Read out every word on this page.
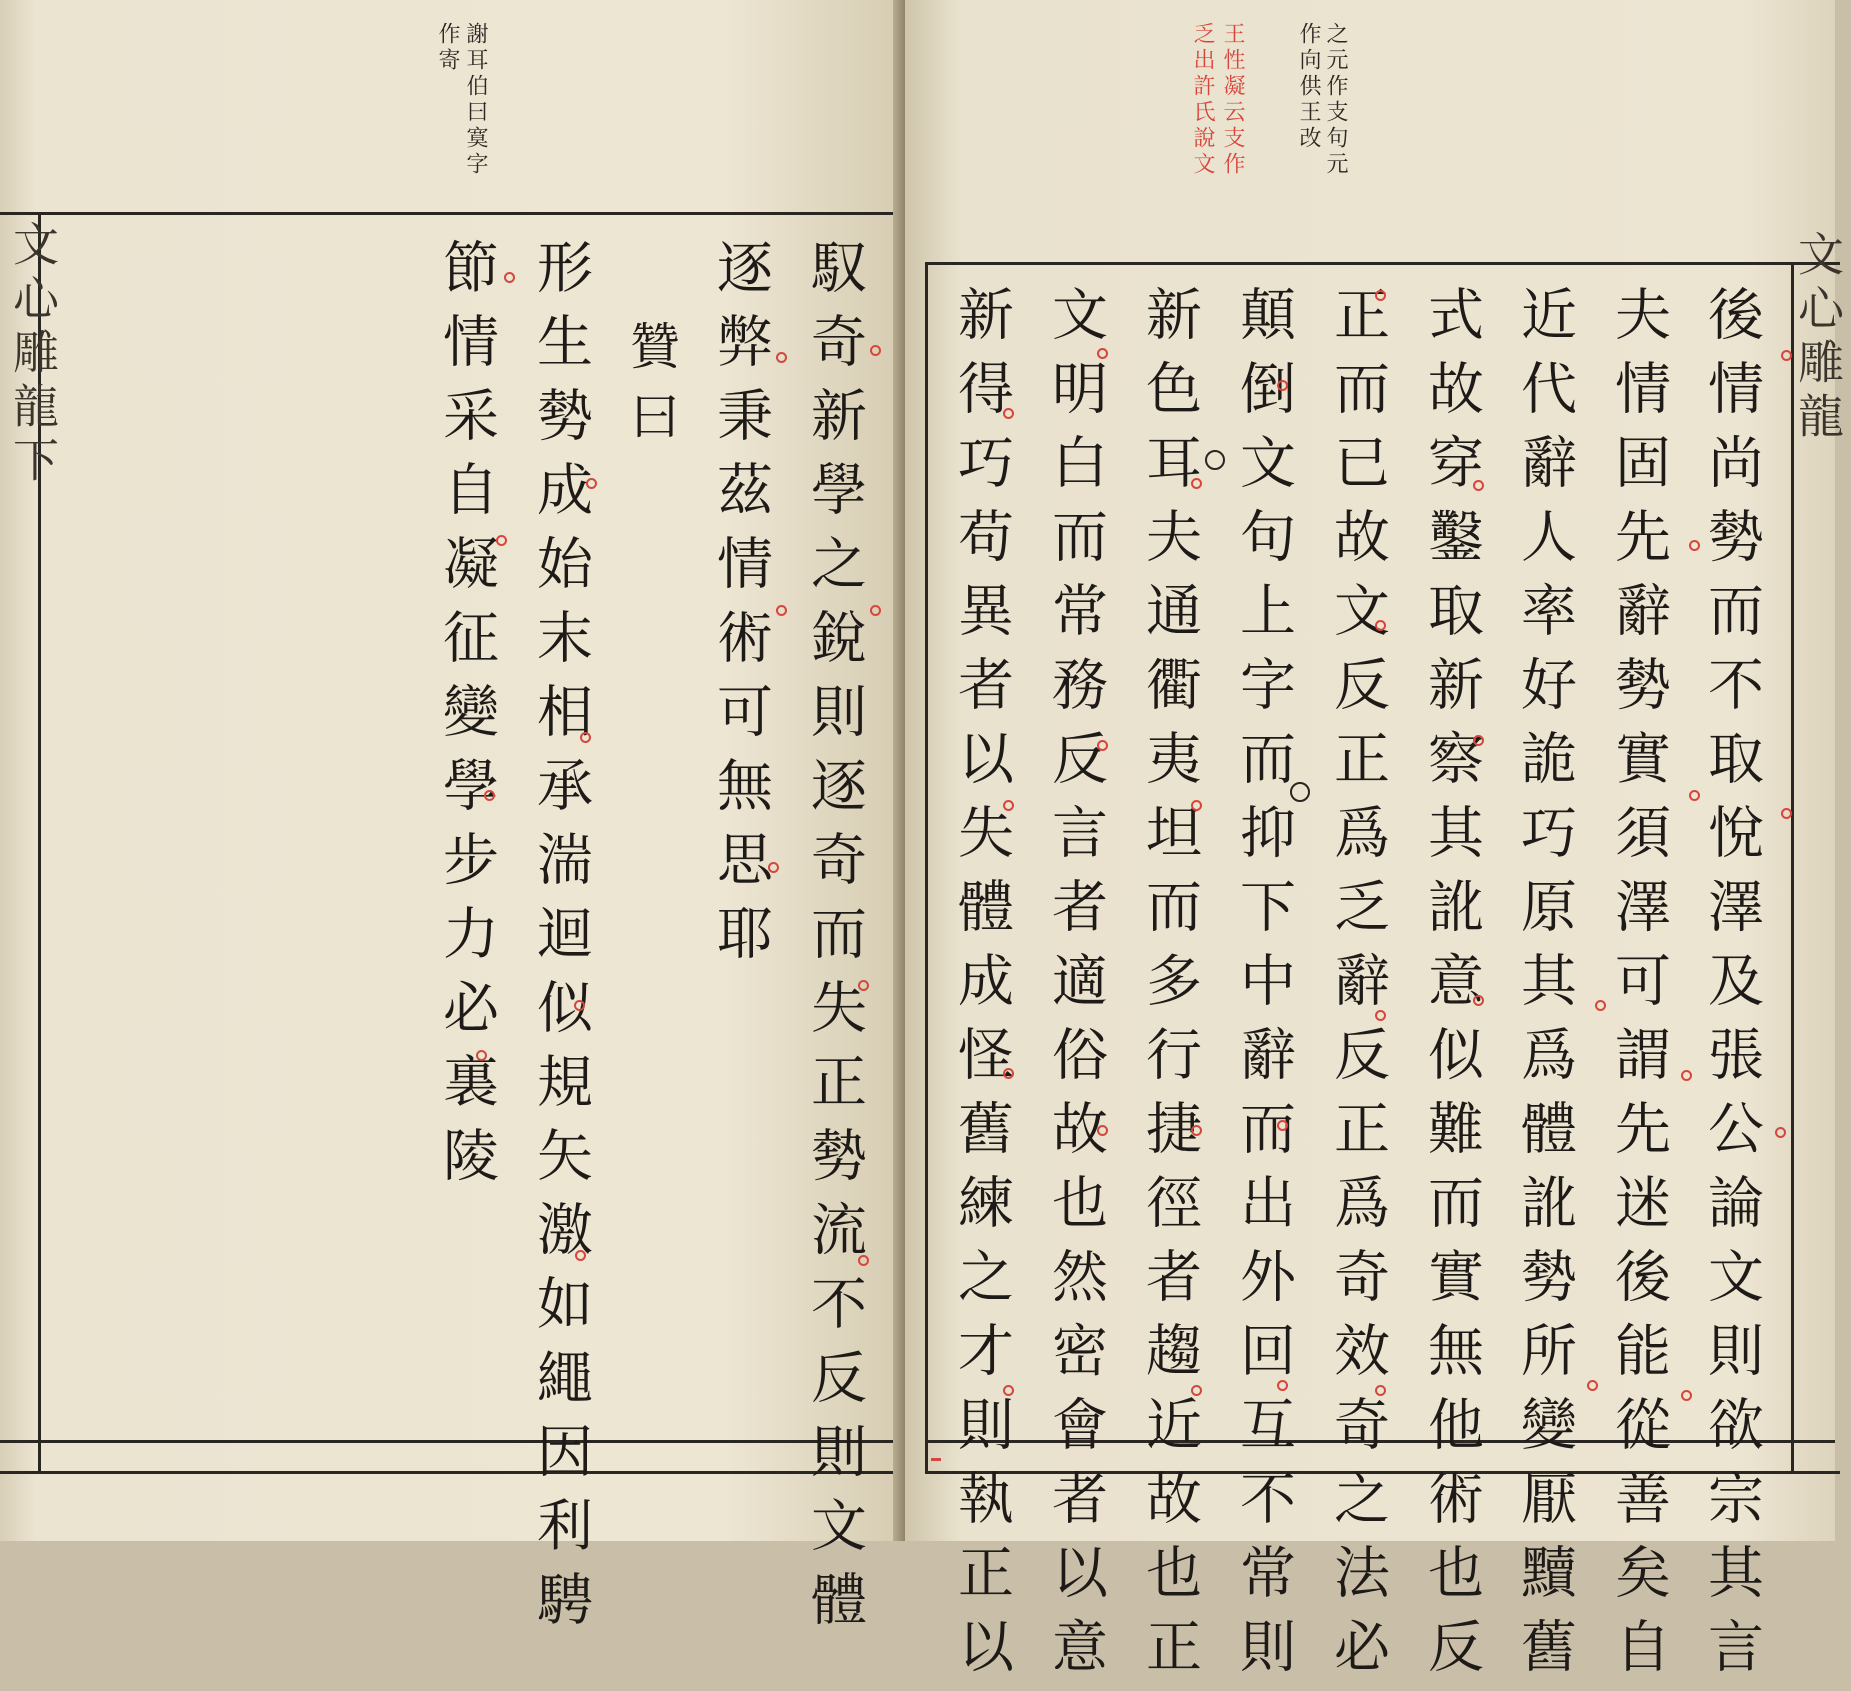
文心雕龍下
謝耳伯曰寞字
作寄
馭奇新學之銳則逐奇而失正勢流不反則文體
逐弊秉茲情術可無思耶
贊曰
形生勢成始末相承湍迴似規矢激如繩因利騁
節情采自凝征變學步力必裏陵	文心雕龍
之元作支句元
作向供王改
王性凝云支作
乏出許氏說文
後情尚勢而不取悅澤及張公論文則欲宗其言
夫情固先辭勢實須澤可謂先迷後能從善矣自
近代辭人率好詭巧原其爲體訛勢所變厭黷舊
式故穿鑿取新察其訛意似難而實無他術也反
正而已故文反正爲乏辭反正爲奇效奇之法必
顛倒文句上字而抑下中辭而出外回互不常則
新色耳夫通衢夷坦而多行捷徑者趨近故也正
文明白而常務反言者適俗故也然密會者以意
新得巧苟異者以失體成怪舊練之才則執正以
